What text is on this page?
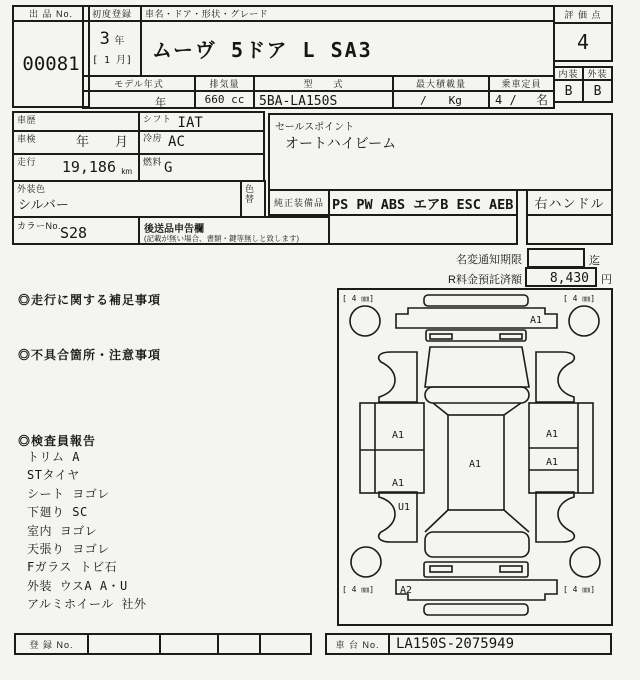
出 品 No.
00081
初度登録
3 年
[ 1 月]
車名・ドア・形状・グレード
ムーヴ 5ドア L SA3
モデル年式
年
排気量
660 cc
型　　式
5BA-LA150S
最大積載量
/　　Kg
乗車定員
4 /　 名
評 価 点
4
内装 外装
B B
車歴	シフト IAT
車検	年　　月 冷房 AC
走行 19,186 km
燃料 G
外装色
シルバー
色替
カラーNo.
S28	後送品申告欄
(記載が無い場合、書類・鍵等無しと致します)
セールスポイント
オートハイビーム
純正装備品 PS PW ABS エアB ESC AEB 右ハンドル
名変通知期限	迄
R料金預託済額	8,430	円
◎走行に関する補足事項
◎不具合箇所・注意事項
◎検査員報告
トリム A
STタイヤ
シート ヨゴレ
下廻り SC
室内 ヨゴレ
天張り ヨゴレ
Fガラス トビ石
外装 ウスA A・U
アルミホイール 社外
[ 4 ㎜]	[ 4 ㎜]
[ 4 ㎜]	[ 4 ㎜]
A1
A1
A1
U1
A1
A1
A1
A2
登 録 No.	車 台 No.	LA150S-2075949
